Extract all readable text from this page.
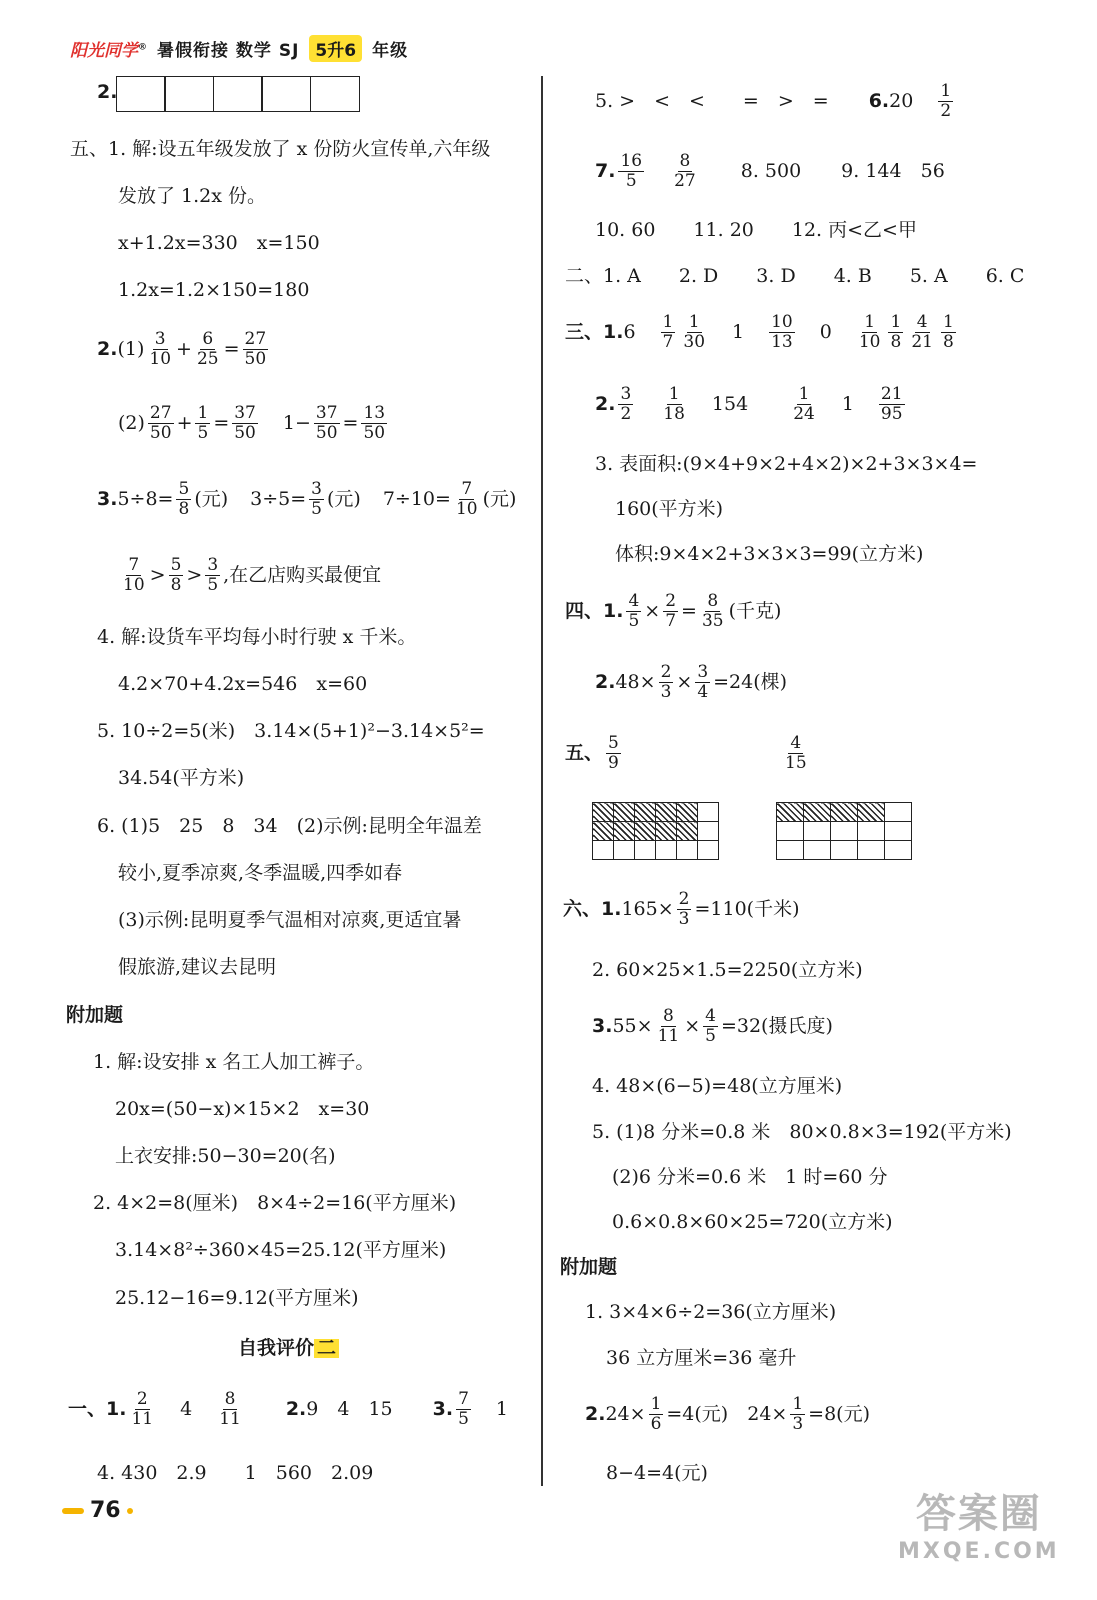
阳光同学® 暑假衔接 数学 SJ 5升6 年级
2.
五、1. 解:设五年级发放了 x 份防火宣传单,六年级
发放了 1.2x 份。
x+1.2x=330　x=150
1.2x=1.2×150=180
2. $(1) \frac{3}{10} + \frac{6}{25} = \frac{27}{50}$
$(2) \frac{27}{50} + \frac{1}{5} = \frac{37}{50} 1- \frac{37}{50} = \frac{13}{50}$
3. $5\div 8= \frac{5}{8}$ (元) $3\div 5= \frac{3}{5}$ (元) $7\div 10= \frac{7}{10}$ (元)
$\frac{7}{10} > \frac{5}{8} > \frac{3}{5}$ ,在乙店购买最便宜
4. 解:设货车平均每小时行驶 x 千米。
4.2×70+4.2x=546　x=60
5. 10÷2=5(米)　3.14×(5+1)²−3.14×5²=
34.54(平方米)
6. (1)5　25　8　34　(2)示例:昆明全年温差
较小,夏季凉爽,冬季温暖,四季如春
(3)示例:昆明夏季气温相对凉爽,更适宜暑
假旅游,建议去昆明
附加题
1. 解:设安排 x 名工人加工裤子。
20x=(50−x)×15×2　x=30
上衣安排:50−30=20(名)
2. 4×2=8(厘米)　8×4÷2=16(平方厘米)
3.14×8²÷360×45=25.12(平方厘米)
25.12−16=9.12(平方厘米)
自我评价 二
一、1. $\frac{2}{11} 4 \frac{8}{11} 2$. 9　4　15 3. $\frac{7}{5} 1$
4. 430　2.9　　1　560　2.09
76
5. >　<　<　　=　>　= 6. $20 \frac{1}{2}$
7. $\frac{16}{5} \frac{8}{27} 8$. 500 9. 144　56
10. 60　　11. 20　　12. 丙<乙<甲
二、1. A　　2. D　　3. D　　4. B　　5. A　　6. C
三、1. $6 \frac{1}{7} \frac{1}{30} 1 \frac{10}{13} 0 \frac{1}{10} \frac{1}{8} \frac{4}{21} \frac{1}{8}$
2. $\frac{3}{2} \frac{1}{18} 154$	$\frac{1}{24} 1 \frac{21}{95}$
3. 表面积:(9×4+9×2+4×2)×2+3×3×4=
160(平方米)
体积:9×4×2+3×3×3=99(立方米)
四、1. $\frac{4}{5} \times \frac{2}{7} = \frac{8}{35}$ (千克)
2. $48\times \frac{2}{3} \times \frac{3}{4} =24$(棵)
五、 $\frac{5}{9}$	$\frac{4}{15}$

六、1. $165\times \frac{2}{3} =110$(千米)
2. 60×25×1.5=2250(立方米)
3. $55\times \frac{8}{11} \times \frac{4}{5} =32$(摄氏度)
4. 48×(6−5)=48(立方厘米)
5. (1)8 分米=0.8 米　80×0.8×3=192(平方米)
(2)6 分米=0.6 米　1 时=60 分
0.6×0.8×60×25=720(立方米)
附加题
1. 3×4×6÷2=36(立方厘米)
36 立方厘米=36 毫升
2. $24\times \frac{1}{6} =4$(元)　$24\times \frac{1}{3} =8$(元)
8−4=4(元)
答案圈
MXQE.COM
